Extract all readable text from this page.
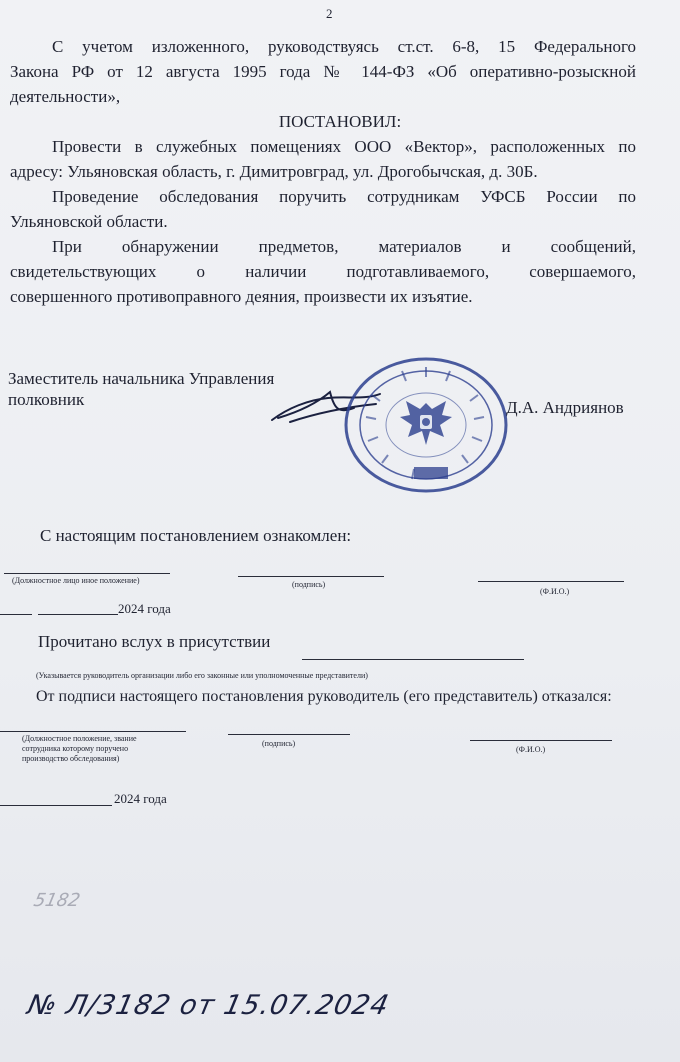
2
С учетом изложенного, руководствуясь ст.ст. 6-8, 15 Федерального
Закона РФ от 12 августа 1995 года № 144-ФЗ «Об оперативно-розыскной
деятельности»,
ПОСТАНОВИЛ:
Провести в служебных помещениях ООО «Вектор», расположенных по
адресу: Ульяновская область, г. Димитровград, ул. Дрогобычская, д. 30Б.
Проведение обследования поручить сотрудникам УФСБ России по
Ульяновской области.
При обнаружении предметов, материалов и сообщений,
свидетельствующих о наличии подготавливаемого, совершаемого,
совершенного противоправного деяния, произвести их изъятие.
Заместитель начальника Управления
полковник	Д.А. Андриянов
С настоящим постановлением ознакомлен:
(Должностное лицо иное положение)	(подпись)
(Ф.И.О.)
2024 года
Прочитано вслух в присутствии
(Указывается руководитель организации либо его законные или уполномоченные представители)
От подписи настоящего постановления руководитель (его представитель) отказался:
(Должностное положение, звание
сотрудника которому поручено
производство обследования)
(подпись)
(Ф.И.О.)
2024 года
5182
№ Л/3182 от 15.07.2024
